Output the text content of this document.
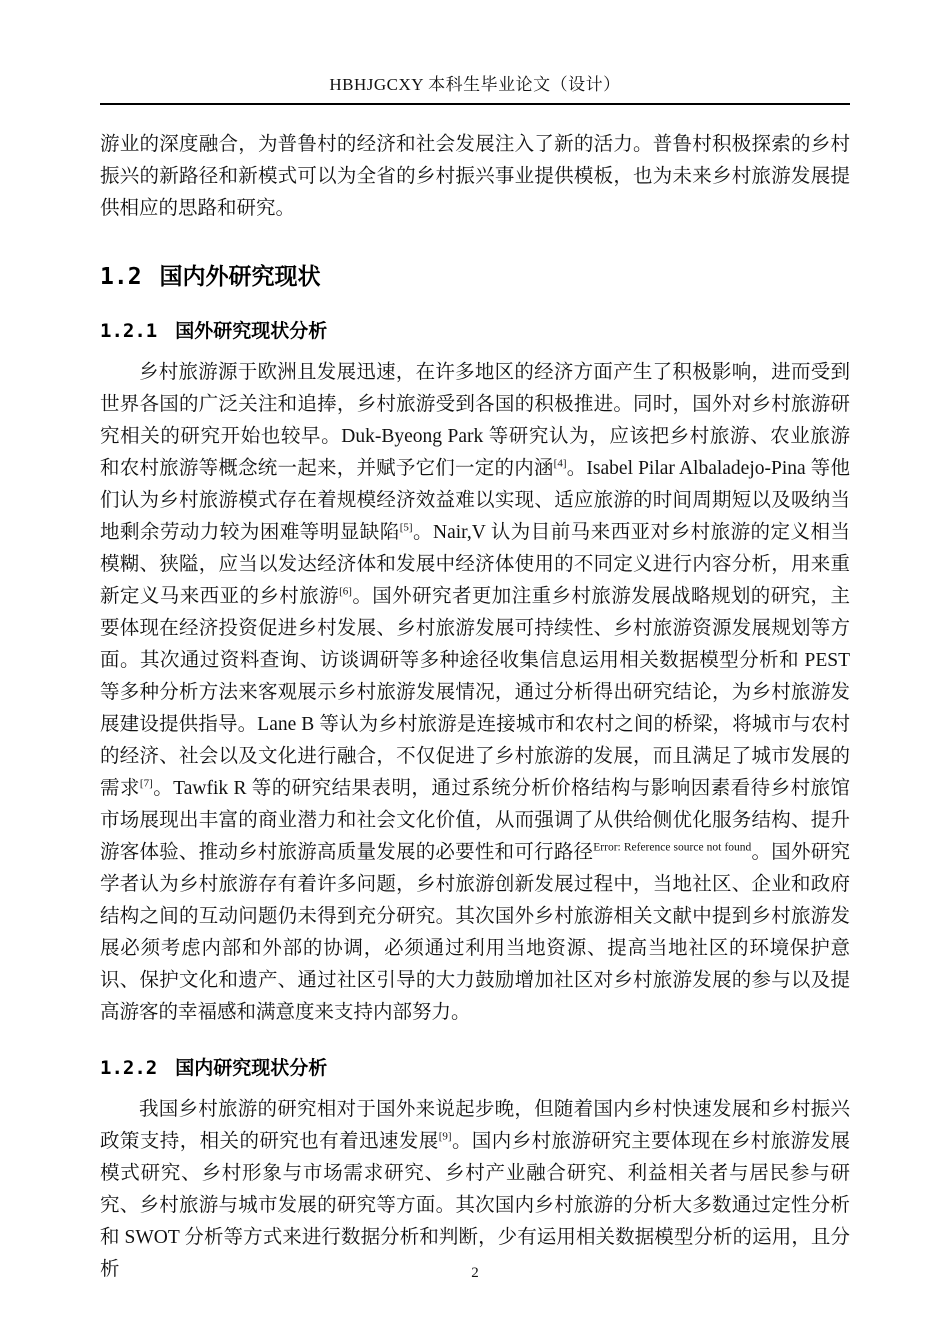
HBHJGCXY 本科生毕业论文（设计）

游业的深度融合，为普鲁村的经济和社会发展注入了新的活力。普鲁村积极探索的乡村振兴的新路径和新模式可以为全省的乡村振兴事业提供模板，也为未来乡村旅游发展提供相应的思路和研究。

1.2 国内外研究现状
1.2.1 国外研究现状分析

乡村旅游源于欧洲且发展迅速，在许多地区的经济方面产生了积极影响，进而受到世界各国的广泛关注和追捧，乡村旅游受到各国的积极推进。同时，国外对乡村旅游研究相关的研究开始也较早。Duk-Byeong Park 等研究认为，应该把乡村旅游、农业旅游和农村旅游等概念统一起来，并赋予它们一定的内涵[4]。Isabel Pilar Albaladejo-Pina 等他们认为乡村旅游模式存在着规模经济效益难以实现、适应旅游的时间周期短以及吸纳当地剩余劳动力较为困难等明显缺陷[5]。Nair,V 认为目前马来西亚对乡村旅游的定义相当模糊、狭隘，应当以发达经济体和发展中经济体使用的不同定义进行内容分析，用来重新定义马来西亚的乡村旅游[6]。国外研究者更加注重乡村旅游发展战略规划的研究，主要体现在经济投资促进乡村发展、乡村旅游发展可持续性、乡村旅游资源发展规划等方面。其次通过资料查询、访谈调研等多种途径收集信息运用相关数据模型分析和 PEST 等多种分析方法来客观展示乡村旅游发展情况，通过分析得出研究结论，为乡村旅游发展建设提供指导。Lane B 等认为乡村旅游是连接城市和农村之间的桥梁，将城市与农村的经济、社会以及文化进行融合，不仅促进了乡村旅游的发展，而且满足了城市发展的需求[7]。Tawfik R 等的研究结果表明，通过系统分析价格结构与影响因素看待乡村旅馆市场展现出丰富的商业潜力和社会文化价值，从而强调了从供给侧优化服务结构、提升游客体验、推动乡村旅游高质量发展的必要性和可行路径$^{Error: Reference source not found}$。国外研究学者认为乡村旅游存有着许多问题，乡村旅游创新发展过程中，当地社区、企业和政府结构之间的互动问题仍未得到充分研究。其次国外乡村旅游相关文献中提到乡村旅游发展必须考虑内部和外部的协调，必须通过利用当地资源、提高当地社区的环境保护意识、保护文化和遗产、通过社区引导的大力鼓励增加社区对乡村旅游发展的参与以及提高游客的幸福感和满意度来支持内部努力。

1.2.2 国内研究现状分析

我国乡村旅游的研究相对于国外来说起步晚，但随着国内乡村快速发展和乡村振兴政策支持，相关的研究也有着迅速发展[9]。国内乡村旅游研究主要体现在乡村旅游发展模式研究、乡村形象与市场需求研究、乡村产业融合研究、利益相关者与居民参与研究、乡村旅游与城市发展的研究等方面。其次国内乡村旅游的分析大多数通过定性分析和 SWOT 分析等方式来进行数据分析和判断，少有运用相关数据模型分析的运用，且分析	2
